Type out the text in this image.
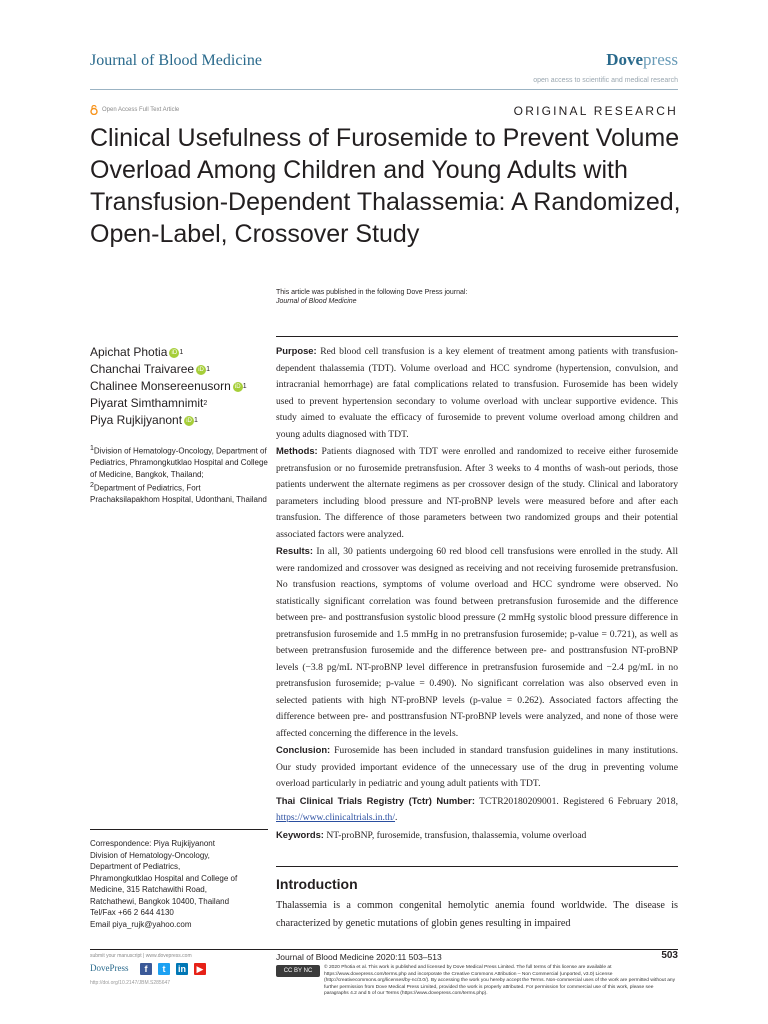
Journal of Blood Medicine	Dovepress
open access to scientific and medical research
Open Access Full Text Article	ORIGINAL RESEARCH
Clinical Usefulness of Furosemide to Prevent Volume Overload Among Children and Young Adults with Transfusion-Dependent Thalassemia: A Randomized, Open-Label, Crossover Study
This article was published in the following Dove Press journal:
Journal of Blood Medicine
Apichat Photia iD 1
Chanchai Traivaree iD 1
Chalinee Monsereenusorn iD 1
Piyarat Simthamnimit 2
Piya Rujkijyanont iD 1
$^1$Division of Hematology-Oncology, Department of Pediatrics, Phramongkutklao Hospital and College of Medicine, Bangkok, Thailand;
$^2$Department of Pediatrics, Fort Prachaksilapakhom Hospital, Udonthani, Thailand

Purpose: Red blood cell transfusion is a key element of treatment among patients with transfusion-dependent thalassemia (TDT). Volume overload and HCC syndrome (hypertension, convulsion, and intracranial hemorrhage) are fatal complications related to transfusion. Furosemide has been widely used to prevent hypertension secondary to volume overload with unclear supportive evidence. This study aimed to evaluate the efficacy of furosemide to prevent volume overload among children and young adults diagnosed with TDT.

Methods: Patients diagnosed with TDT were enrolled and randomized to receive either furosemide pretransfusion or no furosemide pretransfusion. After 3 weeks to 4 months of wash-out periods, those patients underwent the alternate regimens as per crossover design of the study. Clinical and laboratory parameters including blood pressure and NT-proBNP levels were measured before and after each transfusion. The difference of those parameters between two randomized groups and their potential associated factors were analyzed.

Results: In all, 30 patients undergoing 60 red blood cell transfusions were enrolled in the study. All were randomized and crossover was designed as receiving and not receiving furosemide pretransfusion. No transfusion reactions, symptoms of volume overload and HCC syndrome were observed. No statistically significant correlation was found between pretransfusion furosemide and the difference between pre- and posttransfusion systolic blood pressure (2 mmHg systolic blood pressure difference in pretransfusion furosemide and 1.5 mmHg in no pretransfusion furosemide; p-value = 0.721), as well as between pretransfusion furosemide and the difference between pre- and posttransfusion NT-proBNP levels (−3.8 pg/mL NT-proBNP level difference in pretransfusion furosemide and −2.4 pg/mL in no pretransfusion furosemide; p-value = 0.490). No significant correlation was also observed even in selected patients with high NT-proBNP levels (p-value = 0.262). Associated factors affecting the difference between pre- and posttransfusion NT-proBNP levels were analyzed, and none of those were affected concerning the difference in the levels.

Conclusion: Furosemide has been included in standard transfusion guidelines in many institutions. Our study provided important evidence of the unnecessary use of the drug in preventing volume overload particularly in pediatric and young adult patients with TDT.

Thai Clinical Trials Registry (Tctr) Number: TCTR20180209001. Registered 6 February 2018, https://www.clinicaltrials.in.th/.

Keywords: NT-proBNP, furosemide, transfusion, thalassemia, volume overload

Correspondence: Piya Rujkijyanont
Division of Hematology-Oncology,
Department of Pediatrics,
Phramongkutklao Hospital and College of
Medicine, 315 Ratchawithi Road,
Ratchathewi, Bangkok 10400, Thailand
Tel/Fax +66 2 644 4130
Email piya_rujk@yahoo.com
Introduction
Thalassemia is a common congenital hemolytic anemia found worldwide. The disease is characterized by genetic mutations of globin genes resulting in impaired
submit your manuscript | www.dovepress.com
DovePress	f	t	in ▶
http://doi.org/10.2147/JBM.S285647
Journal of Blood Medicine 2020:11 503–513	503
CC BY NC
© 2020 Photia et al. This work is published and licensed by Dove Medical Press Limited. The full terms of this license are available at https://www.dovepress.com/terms.php and incorporate the Creative Commons Attribution – Non Commercial (unported, v3.0) License (http://creativecommons.org/licenses/by-nc/3.0/). By accessing the work you hereby accept the Terms. Non-commercial uses of the work are permitted without any further permission from Dove Medical Press Limited, provided the work is properly attributed. For permission for commercial use of this work, please see paragraphs 4.2 and 5 of our Terms (https://www.dovepress.com/terms.php).
